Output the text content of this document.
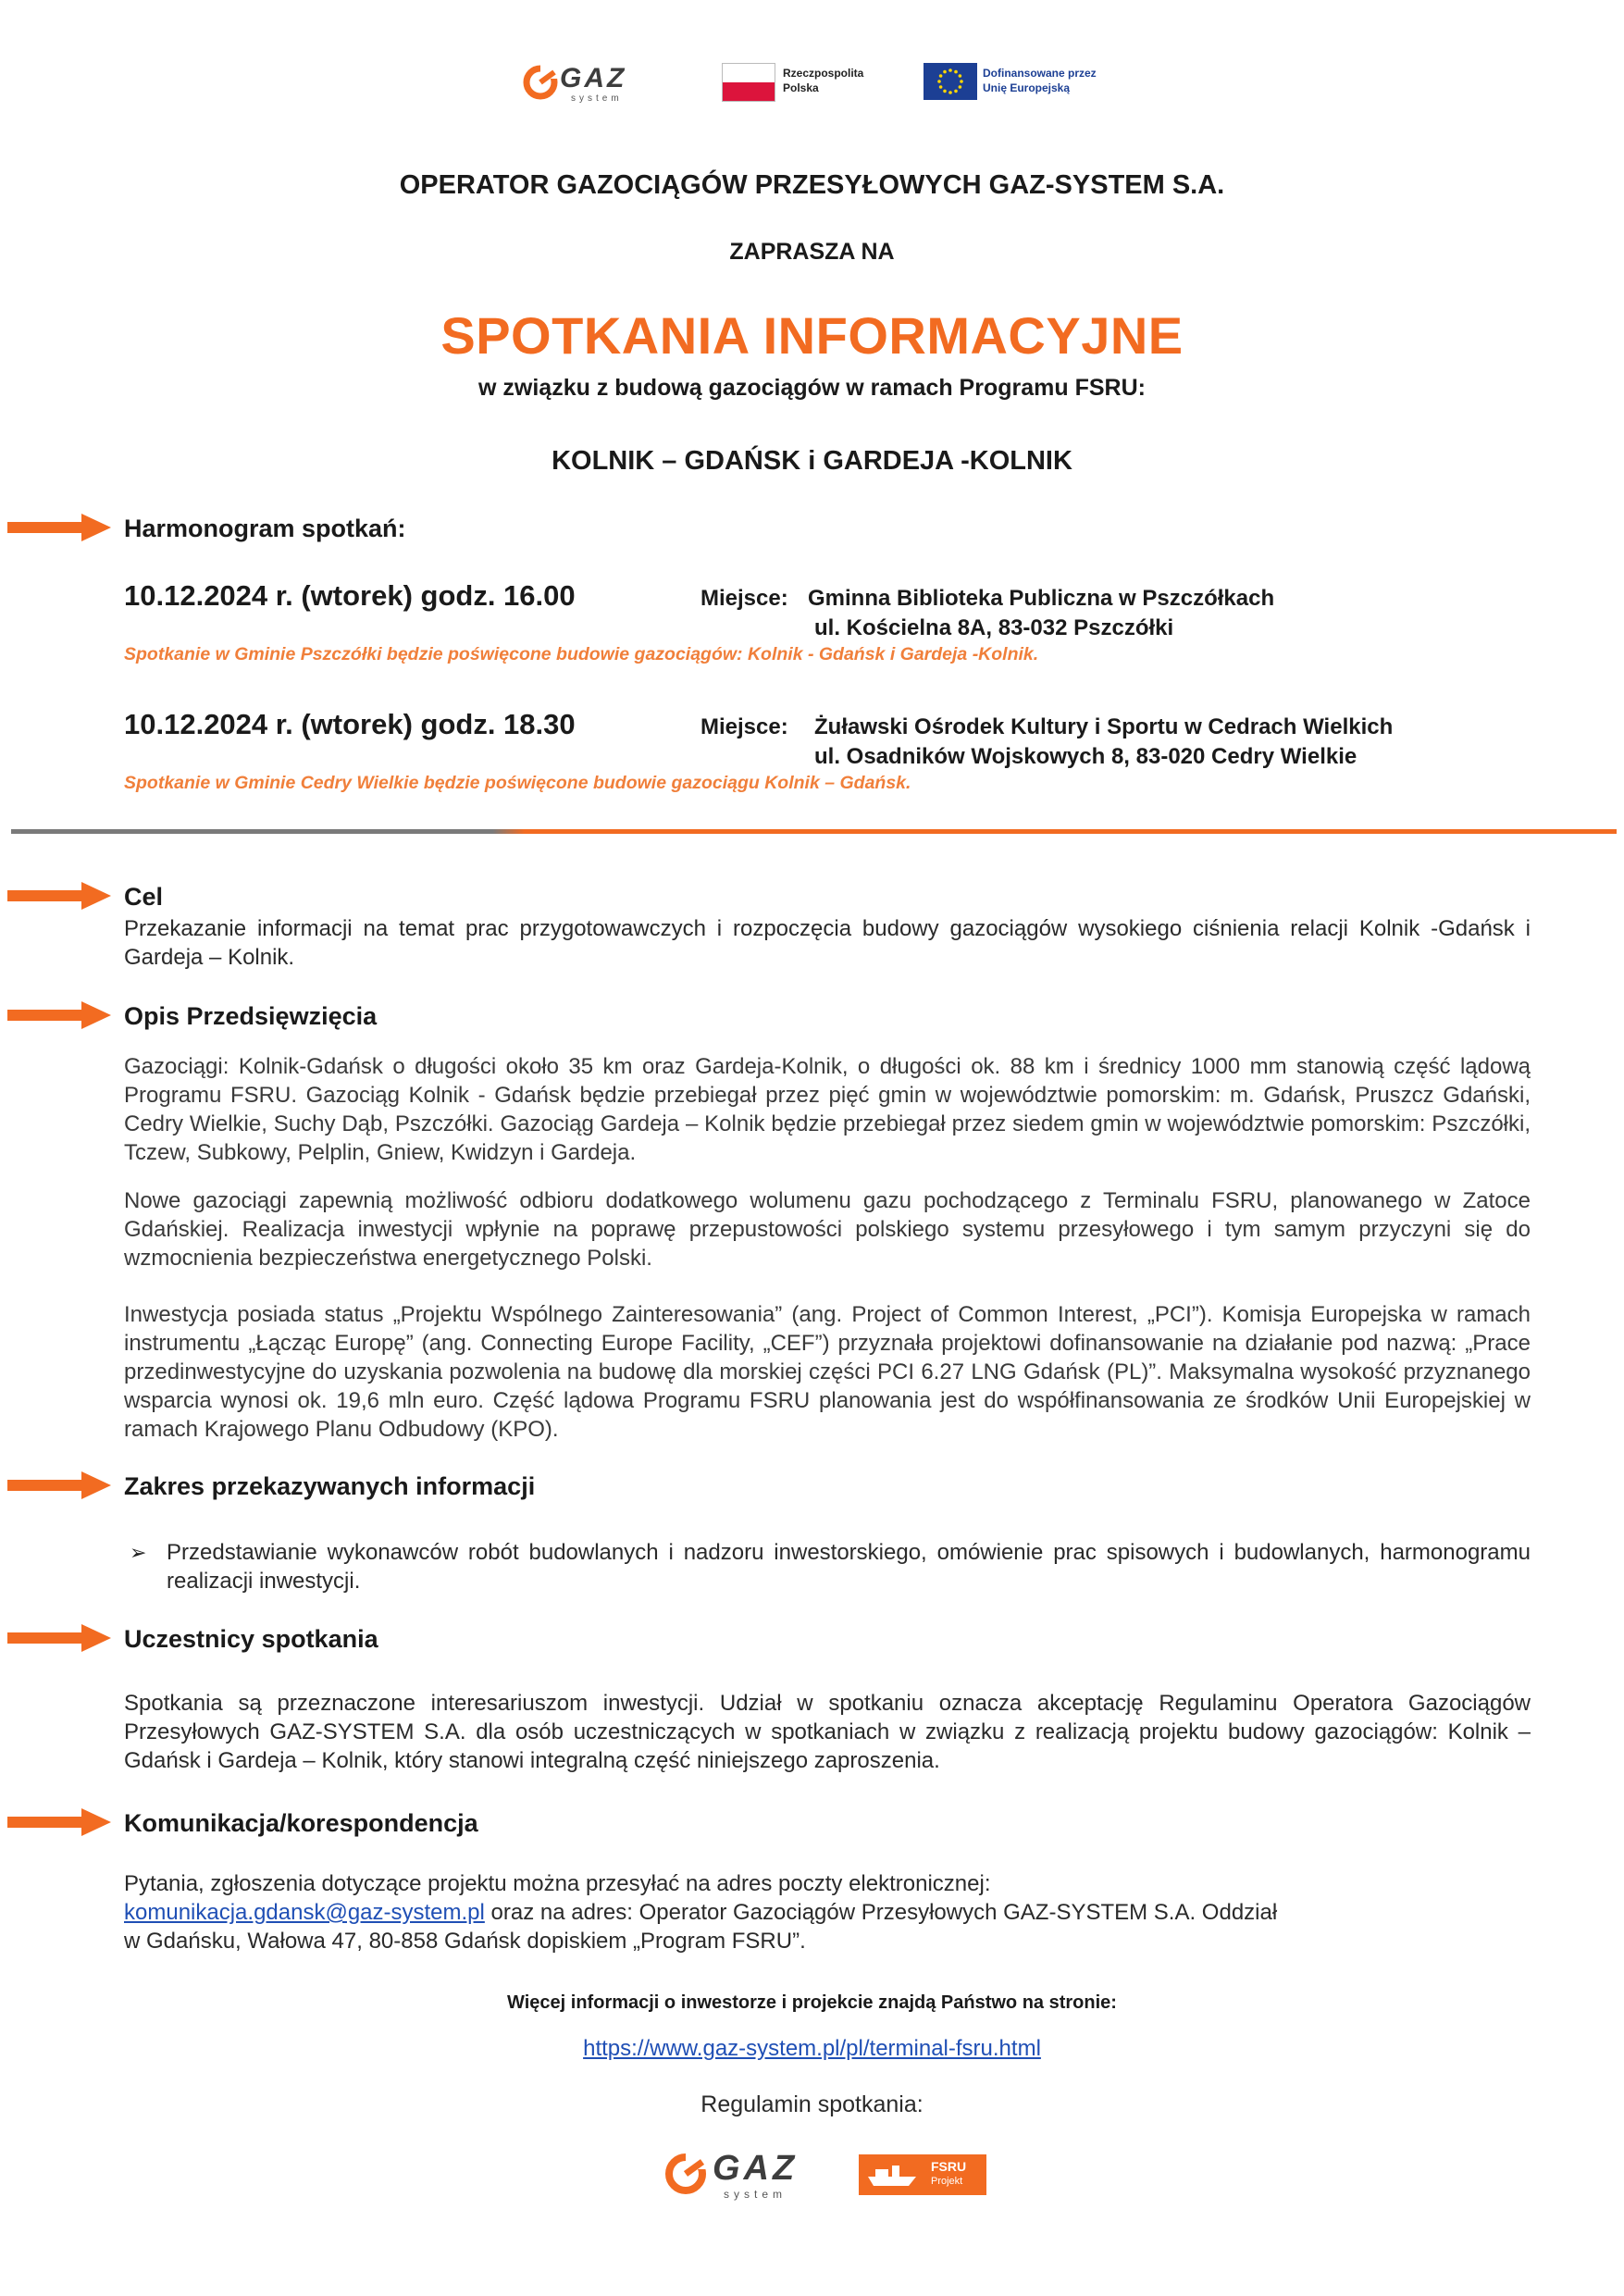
GAZ
system
Rzeczpospolita
Polska
Dofinansowane przez
Unię Europejską
OPERATOR GAZOCIĄGÓW PRZESYŁOWYCH GAZ-SYSTEM S.A.
ZAPRASZA NA
SPOTKANIA INFORMACYJNE
w związku z budową gazociągów w ramach Programu FSRU:
KOLNIK – GDAŃSK i GARDEJA -KOLNIK
Harmonogram spotkań:
10.12.2024 r. (wtorek) godz. 16.00	Miejsce: Gminna Biblioteka Publiczna w Pszczółkach
ul. Kościelna 8A, 83-032 Pszczółki
Spotkanie w Gminie Pszczółki będzie poświęcone budowie gazociągów: Kolnik - Gdańsk i Gardeja -Kolnik.
10.12.2024 r. (wtorek) godz. 18.30	Miejsce: Żuławski Ośrodek Kultury i Sportu w Cedrach Wielkich
ul. Osadników Wojskowych 8, 83-020 Cedry Wielkie
Spotkanie w Gminie Cedry Wielkie będzie poświęcone budowie gazociągu Kolnik – Gdańsk.
Cel
Przekazanie informacji na temat prac przygotowawczych i rozpoczęcia budowy gazociągów wysokiego ciśnienia relacji Kolnik -Gdańsk i Gardeja – Kolnik.
Opis Przedsięwzięcia
Gazociągi: Kolnik-Gdańsk o długości około 35 km oraz Gardeja-Kolnik, o długości ok. 88 km i średnicy 1000 mm stanowią część lądową Programu FSRU. Gazociąg Kolnik - Gdańsk będzie przebiegał przez pięć gmin w województwie pomorskim: m. Gdańsk, Pruszcz Gdański, Cedry Wielkie, Suchy Dąb, Pszczółki. Gazociąg Gardeja – Kolnik będzie przebiegał przez siedem gmin w województwie pomorskim: Pszczółki, Tczew, Subkowy, Pelplin, Gniew, Kwidzyn i Gardeja.
Nowe gazociągi zapewnią możliwość odbioru dodatkowego wolumenu gazu pochodzącego z Terminalu FSRU, planowanego w Zatoce Gdańskiej. Realizacja inwestycji wpłynie na poprawę przepustowości polskiego systemu przesyłowego i tym samym przyczyni się do wzmocnienia bezpieczeństwa energetycznego Polski.
Inwestycja posiada status „Projektu Wspólnego Zainteresowania” (ang. Project of Common Interest, „PCI”). Komisja Europejska w ramach instrumentu „Łącząc Europę” (ang. Connecting Europe Facility, „CEF”) przyznała projektowi dofinansowanie na działanie pod nazwą: „Prace przedinwestycyjne do uzyskania pozwolenia na budowę dla morskiej części PCI 6.27 LNG Gdańsk (PL)”. Maksymalna wysokość przyznanego wsparcia wynosi ok. 19,6 mln euro. Część lądowa Programu FSRU planowania jest do współfinansowania ze środków Unii Europejskiej w ramach Krajowego Planu Odbudowy (KPO).
Zakres przekazywanych informacji
➢ Przedstawianie wykonawców robót budowlanych i nadzoru inwestorskiego, omówienie prac spisowych i budowlanych, harmonogramu realizacji inwestycji.
Uczestnicy spotkania
Spotkania są przeznaczone interesariuszom inwestycji. Udział w spotkaniu oznacza akceptację Regulaminu Operatora Gazociągów Przesyłowych GAZ-SYSTEM S.A. dla osób uczestniczących w spotkaniach w związku z realizacją projektu budowy gazociągów: Kolnik – Gdańsk i Gardeja – Kolnik, który stanowi integralną część niniejszego zaproszenia.
Komunikacja/korespondencja
Pytania, zgłoszenia dotyczące projektu można przesyłać na adres poczty elektronicznej:
komunikacja.gdansk@gaz-system.pl oraz na adres: Operator Gazociągów Przesyłowych GAZ-SYSTEM S.A. Oddział
w Gdańsku, Wałowa 47, 80-858 Gdańsk dopiskiem „Program FSRU”.
Więcej informacji o inwestorze i projekcie znajdą Państwo na stronie:
https://www.gaz-system.pl/pl/terminal-fsru.html
Regulamin spotkania:
GAZ
system
FSRU
Projekt
